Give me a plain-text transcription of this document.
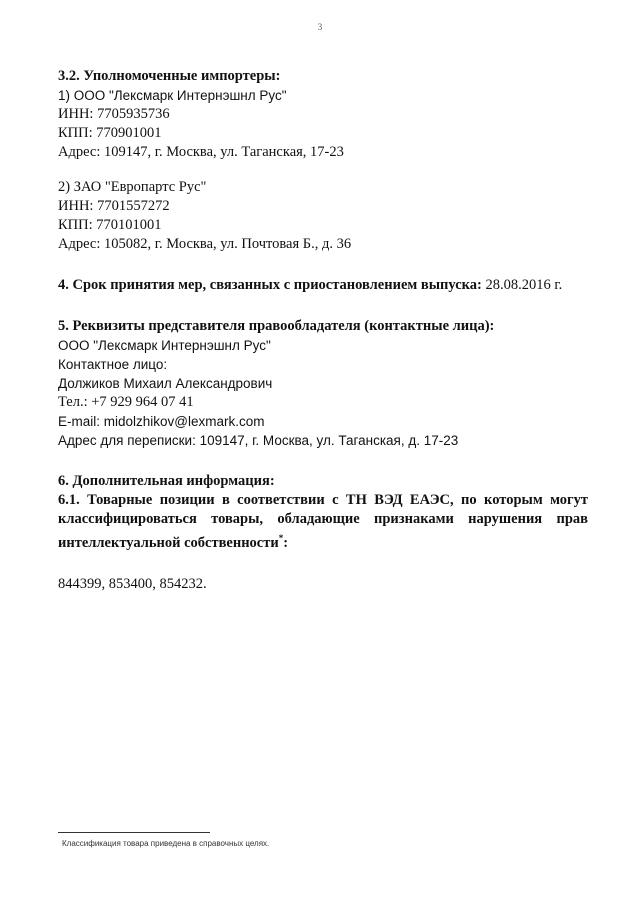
3
3.2. Уполномоченные импортеры:
1) ООО "Лексмарк Интернэшнл Рус"
ИНН: 7705935736
КПП: 770901001
Адрес: 109147, г. Москва, ул. Таганская, 17-23
2) ЗАО "Европартс Рус"
ИНН: 7701557272
КПП: 770101001
Адрес: 105082, г. Москва, ул. Почтовая Б., д. 36
4. Срок принятия мер, связанных с приостановлением выпуска: 28.08.2016 г.
5. Реквизиты представителя правообладателя (контактные лица):
ООО "Лексмарк Интернэшнл Рус"
Контактное лицо:
Должиков Михаил Александрович
Тел.: +7 929 964 07 41
E-mail: midolzhikov@lexmark.com
Адрес для переписки: 109147, г. Москва, ул. Таганская, д. 17-23
6. Дополнительная информация:
6.1. Товарные позиции в соответствии с ТН ВЭД ЕАЭС, по которым могут
классифицироваться товары, обладающие признаками нарушения прав
интеллектуальной собственности*:
844399, 853400, 854232.
Классификация товара приведена в справочных целях.
